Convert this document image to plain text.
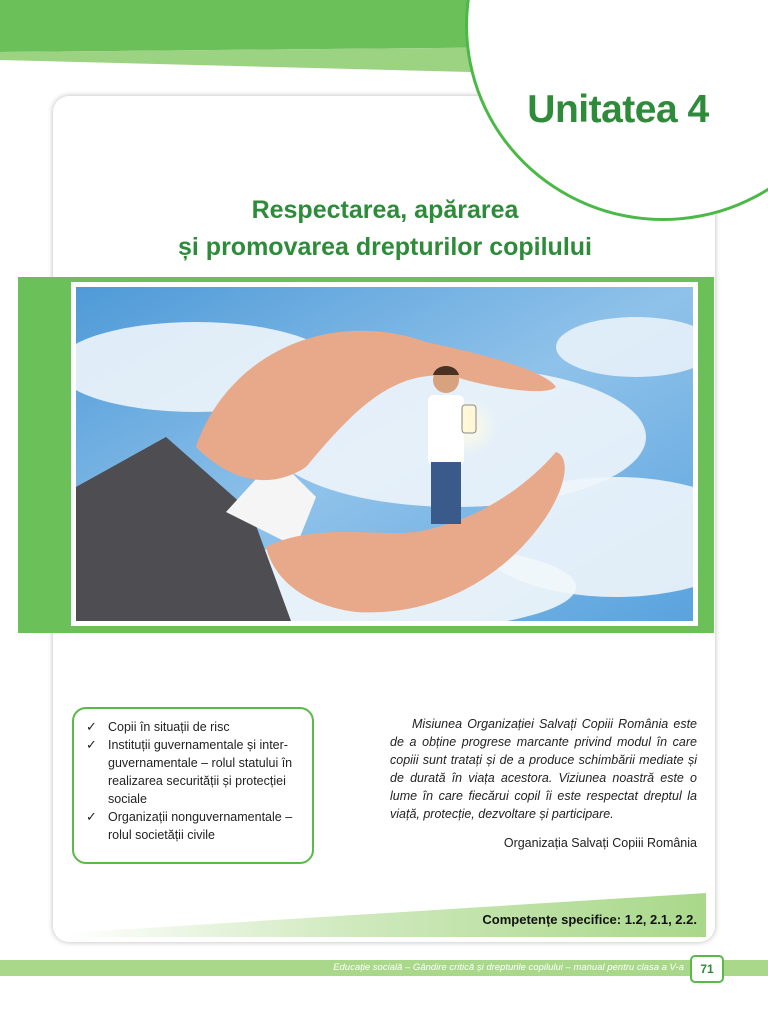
Unitatea 4
Respectarea, apărarea
și promovarea drepturilor copilului
✓ Copii în situații de risc
✓ Instituții guvernamentale și inter-guvernamentale – rolul statului în realizarea securității și protecției sociale
✓ Organizații nonguvernamentale – rolul societății civile
Misiunea Organizației Salvați Copiii România este de a obține progrese marcante privind modul în care copiii sunt tratați și de a produce schimbării mediate și de durată în viața acestora. Viziunea noastră este o lume în care fiecărui copil îi este respectat dreptul la viață, protecție, dezvoltare și participare.
Organizația Salvați Copiii România
Competențe specifice: 1.2, 2.1, 2.2.
Educație socială – Gândire critică și drepturile copilului – manual pentru clasa a V-a	71
